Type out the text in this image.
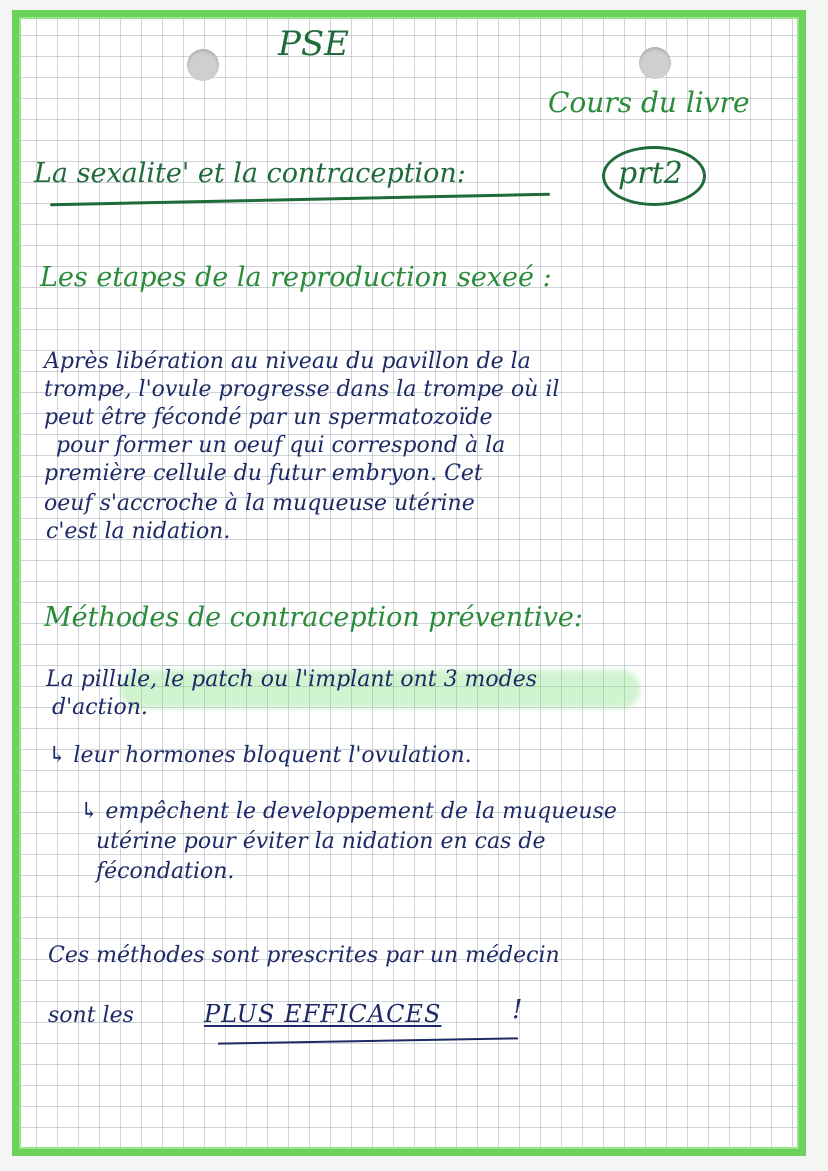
PSE
Cours du livre
La sexalite' et la contraception:	prt2
Les etapes de la reproduction sexeé :
Après libération au niveau du pavillon de la
trompe, l'ovule progresse dans la trompe où il
peut être fécondé par un spermatozoïde
pour former un oeuf qui correspond à la
première cellule du futur embryon. Cet
oeuf s'accroche à la muqueuse utérine
c'est la nidation.
Méthodes de contraception préventive:
La pillule, le patch ou l'implant ont 3 modes
d'action.
↳ leur hormones bloquent l'ovulation.
↳ empêchent le developpement de la muqueuse
utérine pour éviter la nidation en cas de
fécondation.
Ces méthodes sont prescrites par un médecin
sont les	PLUS EFFICACES	!
